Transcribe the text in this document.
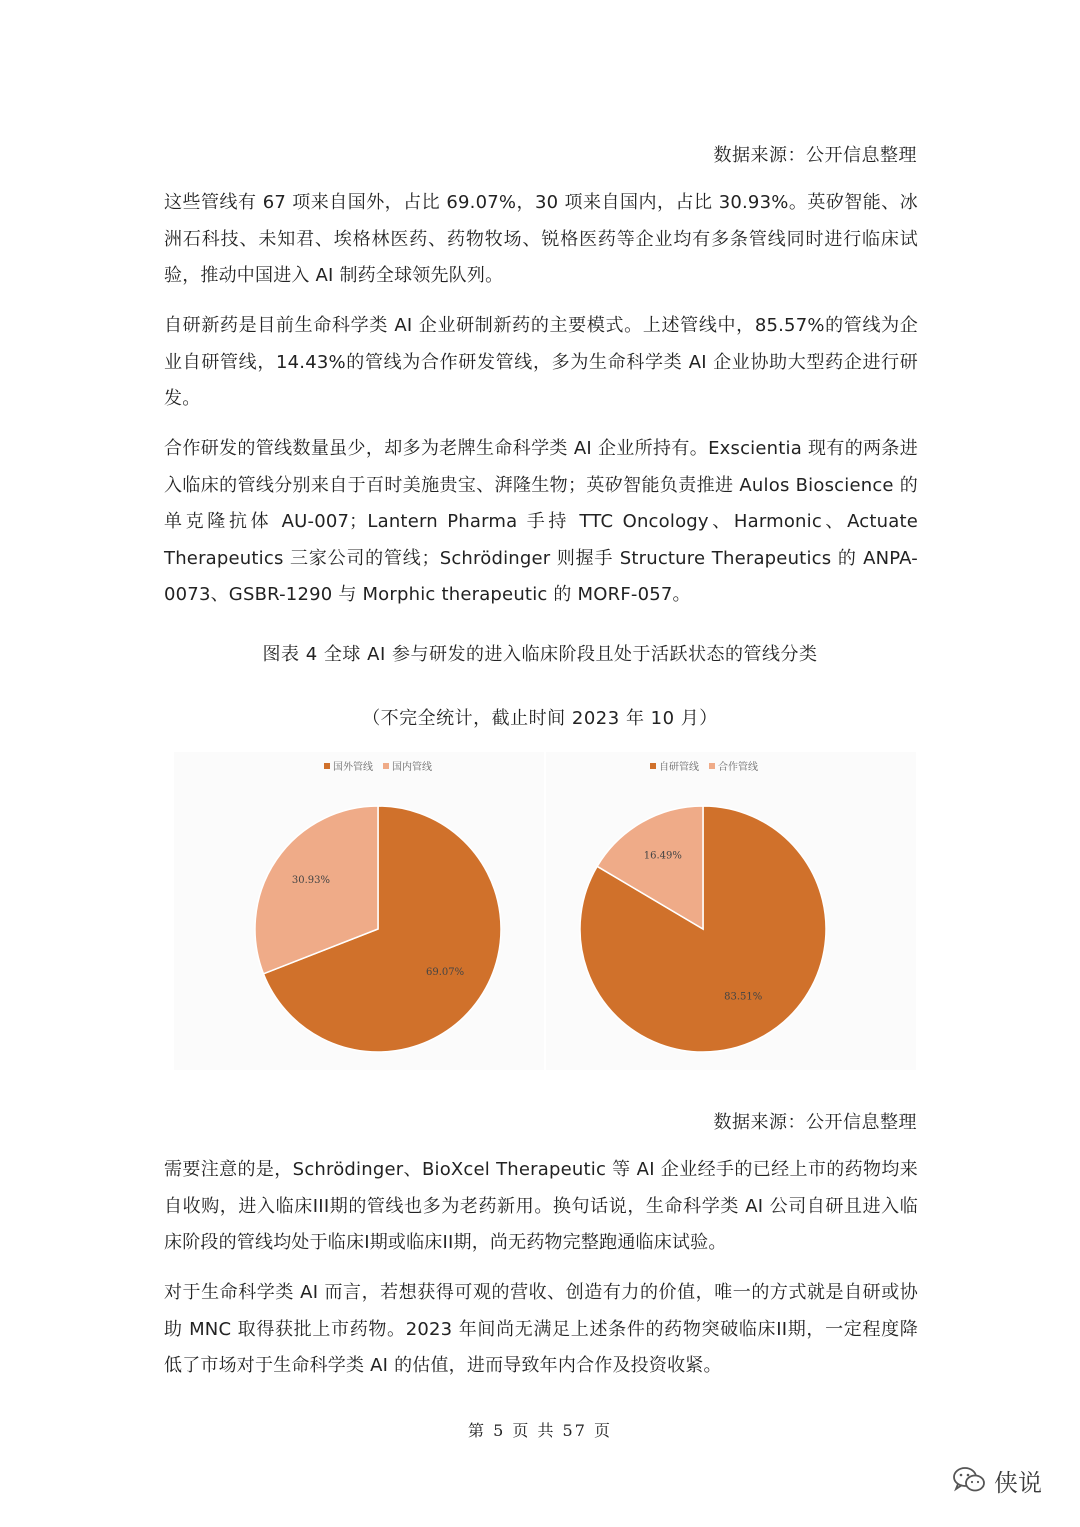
数据来源：公开信息整理

这些管线有 67 项来自国外，占比 69.07%，30 项来自国内，占比 30.93%。英矽智能、冰洲石科技、未知君、埃格林医药、药物牧场、锐格医药等企业均有多条管线同时进行临床试验，推动中国进入 AI 制药全球领先队列。

自研新药是目前生命科学类 AI 企业研制新药的主要模式。上述管线中，85.57%的管线为企业自研管线，14.43%的管线为合作研发管线，多为生命科学类 AI 企业协助大型药企进行研发。

合作研发的管线数量虽少，却多为老牌生命科学类 AI 企业所持有。Exscientia 现有的两条进入临床的管线分别来自于百时美施贵宝、湃隆生物；英矽智能负责推进 Aulos Bioscience 的单克隆抗体 AU-007；Lantern Pharma 手持 TTC Oncology、Harmonic、Actuate Therapeutics 三家公司的管线；Schrödinger 则握手 Structure Therapeutics 的 ANPA-0073、GSBR-1290 与 Morphic therapeutic 的 MORF-057。

图表 4 全球 AI 参与研发的进入临床阶段且处于活跃状态的管线分类
（不完全统计，截止时间 2023 年 10 月）
国外管线 国内管线
69.07%
30.93%
自研管线 合作管线
83.51%
16.49%
数据来源：公开信息整理

需要注意的是，Schrödinger、BioXcel Therapeutic 等 AI 企业经手的已经上市的药物均来自收购，进入临床III期的管线也多为老药新用。换句话说，生命科学类 AI 公司自研且进入临床阶段的管线均处于临床I期或临床II期，尚无药物完整跑通临床试验。

对于生命科学类 AI 而言，若想获得可观的营收、创造有力的价值，唯一的方式就是自研或协助 MNC 取得获批上市药物。2023 年间尚无满足上述条件的药物突破临床II期，一定程度降低了市场对于生命科学类 AI 的估值，进而导致年内合作及投资收紧。

第 5 页 共 57 页
侠说
